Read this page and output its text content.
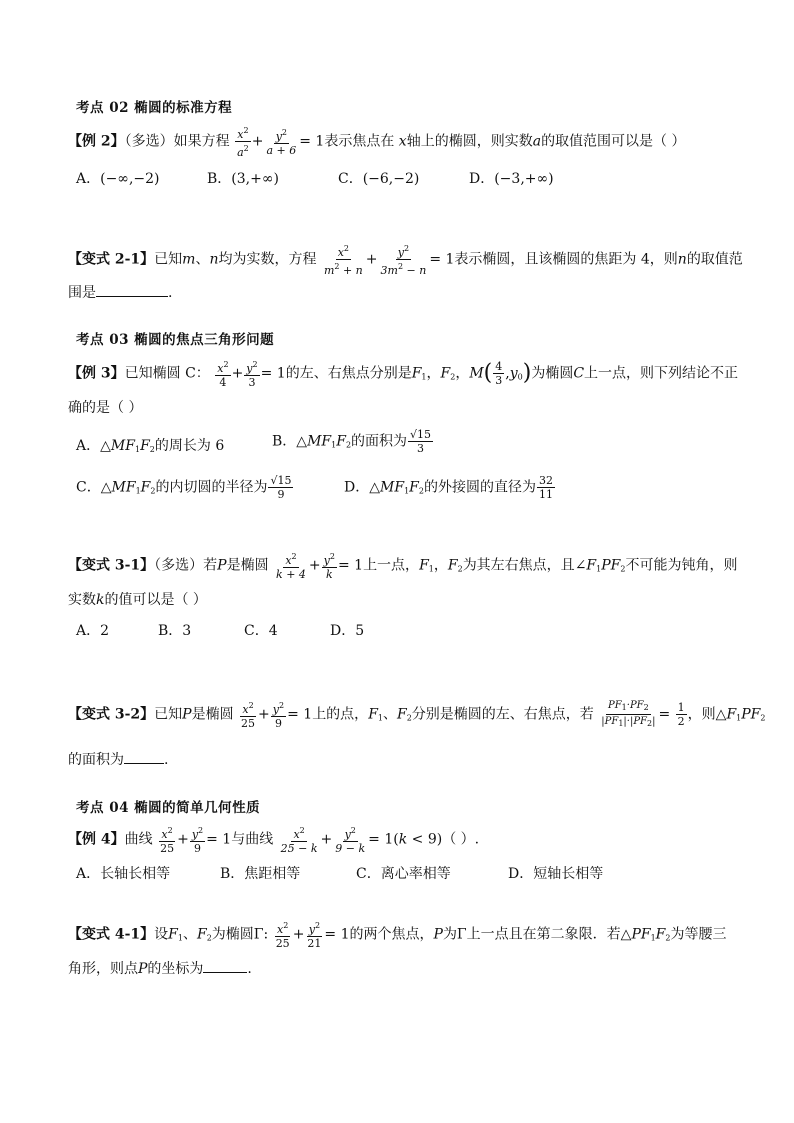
考点 02 椭圆的标准方程
【例 2】（多选）如果方程 $\frac{x^2}{a^2} + \frac{y^2}{a + 6} = 1$表示焦点在 x轴上的椭圆，则实数a的取值范围可以是（ ）
A．(−∞,−2)	B．(3,+∞)	C．(−6,−2)	D．(−3,+∞)
【变式 2-1】已知m、n均为实数，方程 $\frac{x^2}{m^2 + n} + \frac{y^2}{3m^2 - n} = 1$表示椭圆，且该椭圆的焦距为 4，则n的取值范
围是	.
考点 03 椭圆的焦点三角形问题
【例 3】已知椭圆 C： $\frac{x^2}{4} + \frac{y^2}{3} = 1$的左、右焦点分别是$F_1$，$F_2$，$M( \frac{4}{3} ,y_0)$为椭圆C上一点，则下列结论不正
确的是（ ）
A．$\triangle MF_1F_2$的周长为 6	B．$\triangle MF_1F_2$的面积为 $\frac{√15}{3}$
C．$\triangle MF_1F_2$的内切圆的半径为 $\frac{√15}{9}$	D．$\triangle MF_1F_2$的外接圆的直径为 $\frac{32}{11}$
【变式 3-1】（多选）若P是椭圆 $\frac{x^2}{k + 4} + \frac{y^2}{k} = 1$上一点，$F_1$，$F_2$为其左右焦点，且$\angle F_1PF_2$不可能为钝角，则
实数k的值可以是（ ）
A．2	B．3	C．4	D．5
【变式 3-2】已知P是椭圆 $\frac{x^2}{25} + \frac{y^2}{9} = 1$上的点，$F_1$、$F_2$分别是椭圆的左、右焦点，若 $\frac{PF_1\cdot PF_2}{|PF_1|\cdot|PF_2|} = \frac{1}{2}$ ，则$\triangle F_1PF_2$
的面积为	.
考点 04 椭圆的简单几何性质
【例 4】曲线 $\frac{x^2}{25} + \frac{y^2}{9} = 1$与曲线 $\frac{x^2}{25 - k} + \frac{y^2}{9 - k} = 1(k < 9)$（ ）.
A．长轴长相等	B．焦距相等	C．离心率相等	D．短轴长相等
【变式 4-1】设$F_1$、$F_2$为椭圆Γ: $\frac{x^2}{25} + \frac{y^2}{21} = 1$的两个焦点，P为Γ上一点且在第二象限．若$\triangle PF_1F_2$为等腰三
角形，则点P的坐标为	.
